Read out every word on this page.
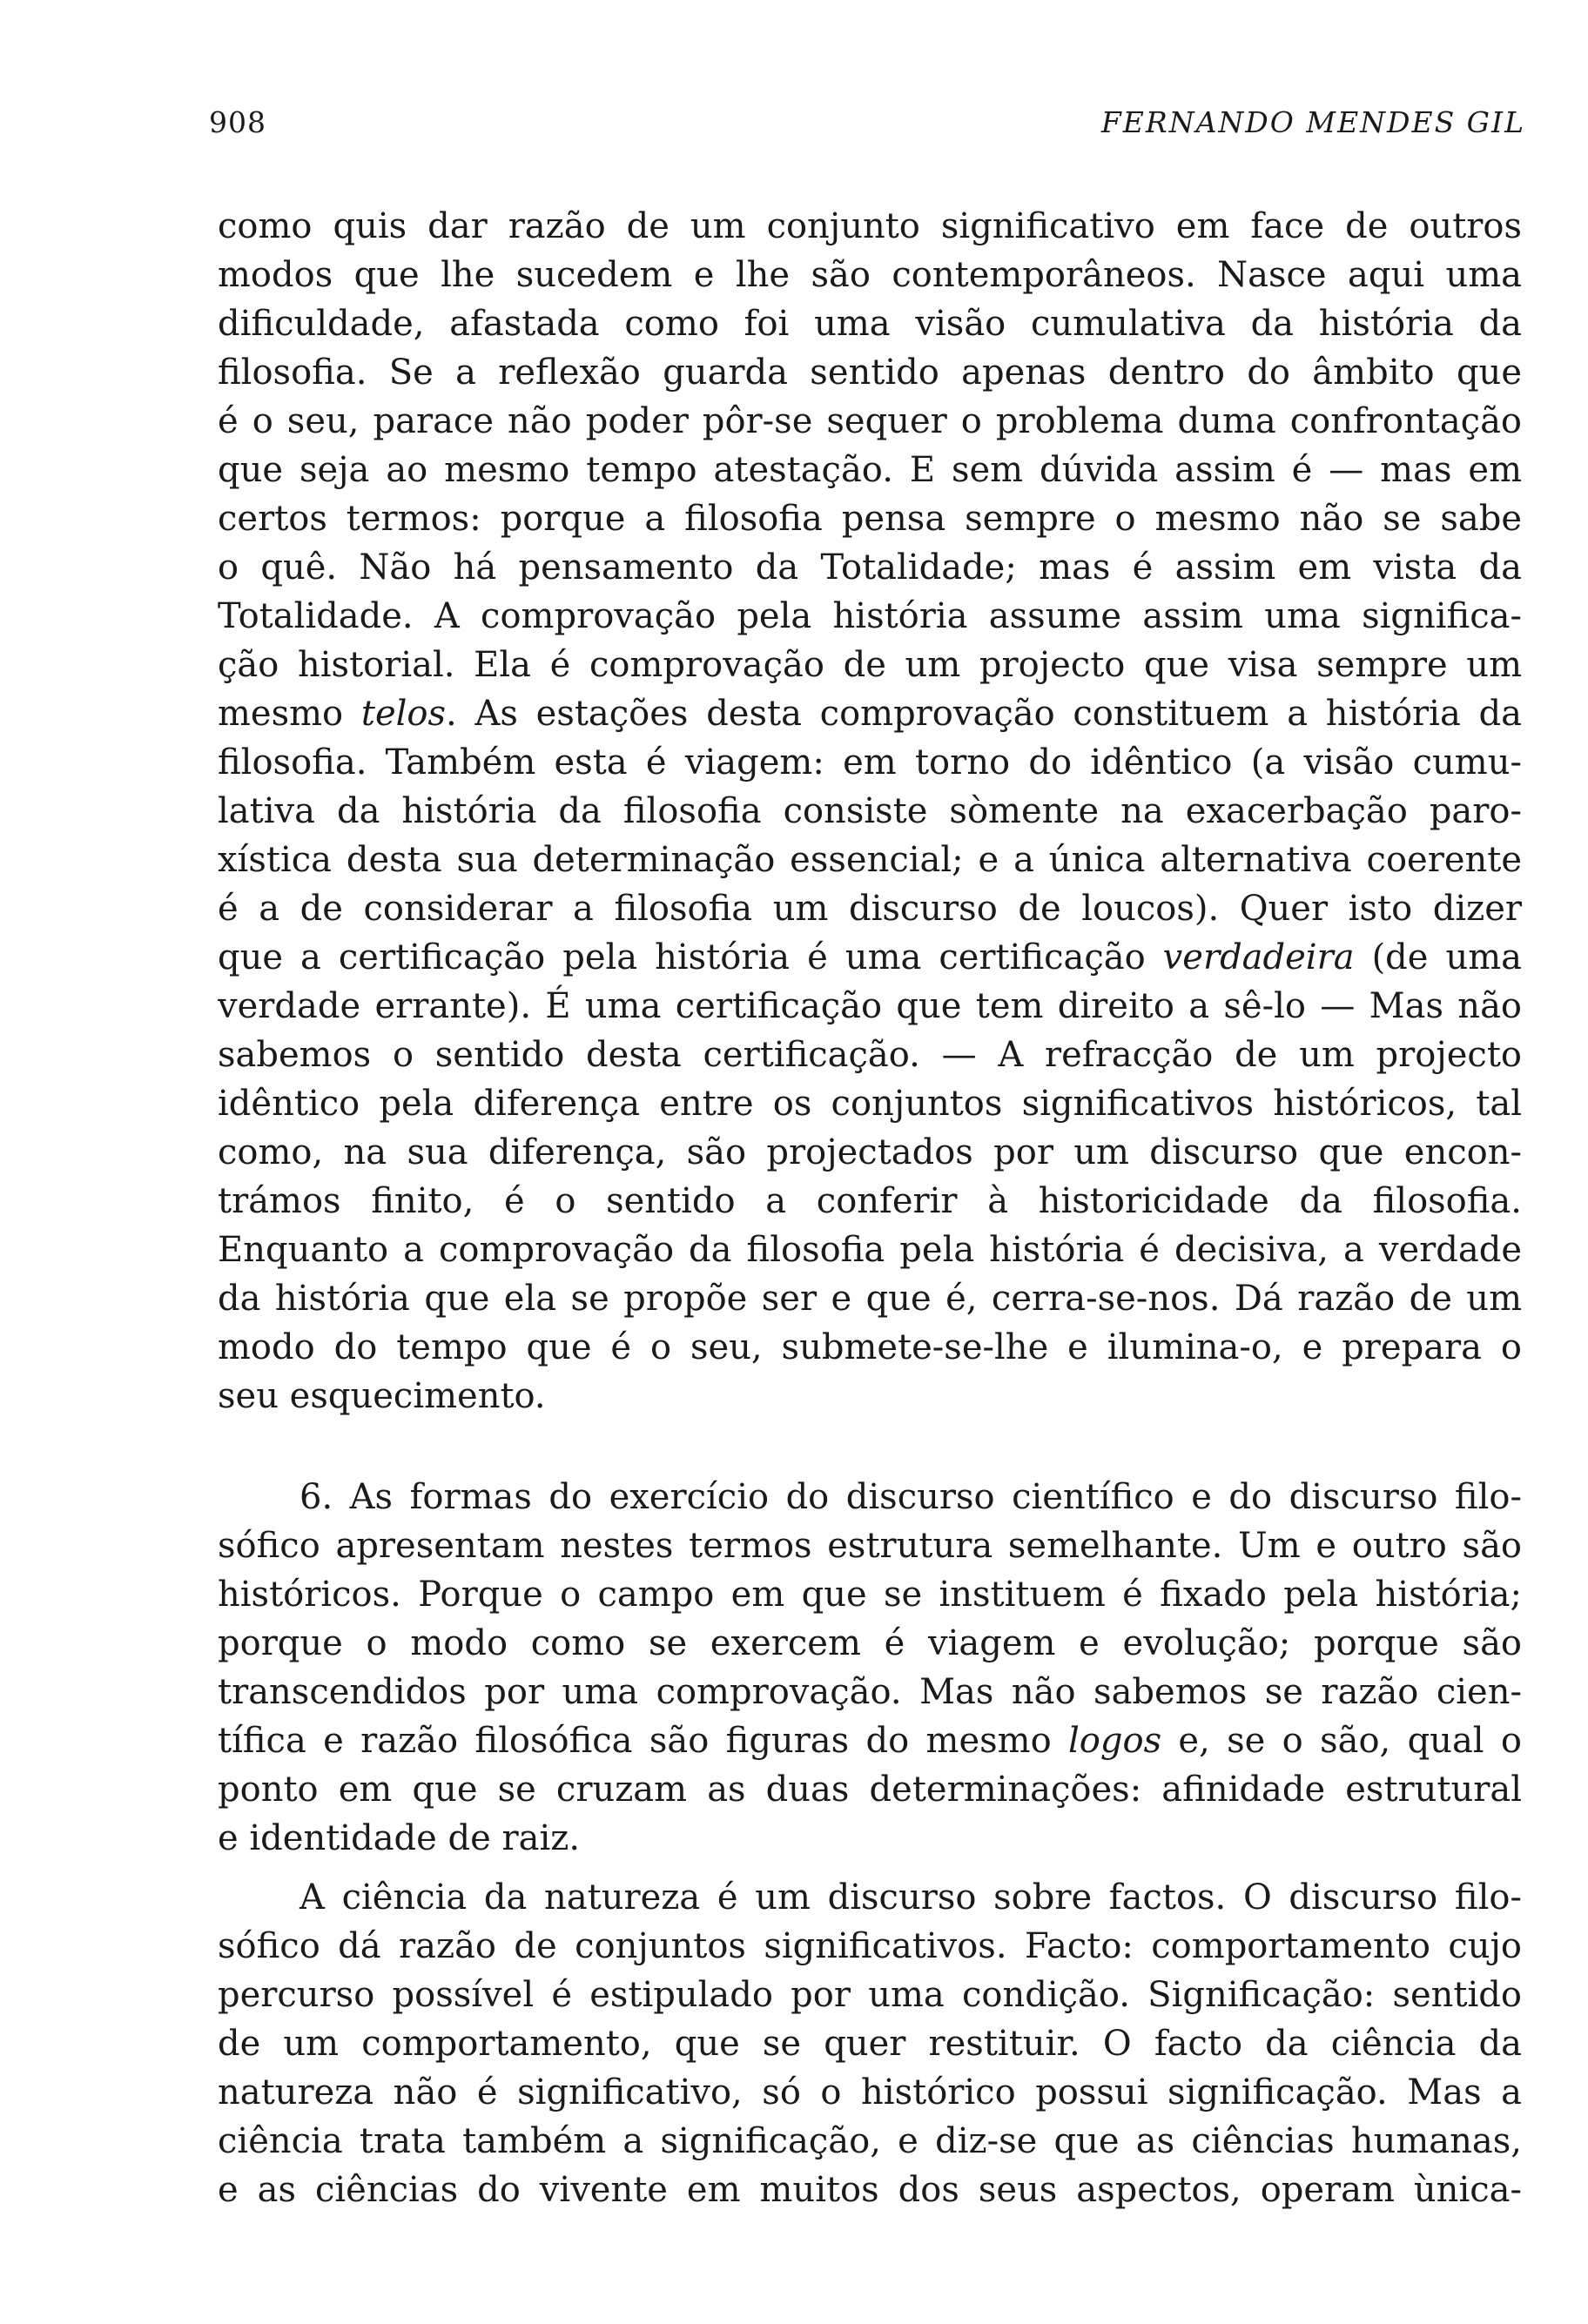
908	FERNANDO MENDES GIL
como quis dar razão de um conjunto significativo em face de outros
modos que lhe sucedem e lhe são contemporâneos. Nasce aqui uma
dificuldade, afastada como foi uma visão cumulativa da história da
filosofia. Se a reflexão guarda sentido apenas dentro do âmbito que
é o seu, parace não poder pôr-se sequer o problema duma confrontação
que seja ao mesmo tempo atestação. E sem dúvida assim é — mas em
certos termos: porque a filosofia pensa sempre o mesmo não se sabe
o quê. Não há pensamento da Totalidade; mas é assim em vista da
Totalidade. A comprovação pela história assume assim uma significa-
ção historial. Ela é comprovação de um projecto que visa sempre um
mesmo telos. As estações desta comprovação constituem a história da
filosofia. Também esta é viagem: em torno do idêntico (a visão cumu-
lativa da história da filosofia consiste sòmente na exacerbação paro-
xística desta sua determinação essencial; e a única alternativa coerente
é a de considerar a filosofia um discurso de loucos). Quer isto dizer
que a certificação pela história é uma certificação verdadeira (de uma
verdade errante). É uma certificação que tem direito a sê-lo — Mas não
sabemos o sentido desta certificação. — A refracção de um projecto
idêntico pela diferença entre os conjuntos significativos históricos, tal
como, na sua diferença, são projectados por um discurso que encon-
trámos finito, é o sentido a conferir à historicidade da filosofia.
Enquanto a comprovação da filosofia pela história é decisiva, a verdade
da história que ela se propõe ser e que é, cerra-se-nos. Dá razão de um
modo do tempo que é o seu, submete-se-lhe e ilumina-o, e prepara o
seu esquecimento.
6. As formas do exercício do discurso científico e do discurso filo-
sófico apresentam nestes termos estrutura semelhante. Um e outro são
históricos. Porque o campo em que se instituem é fixado pela história;
porque o modo como se exercem é viagem e evolução; porque são
transcendidos por uma comprovação. Mas não sabemos se razão cien-
tífica e razão filosófica são figuras do mesmo logos e, se o são, qual o
ponto em que se cruzam as duas determinações: afinidade estrutural
e identidade de raiz.
A ciência da natureza é um discurso sobre factos. O discurso filo-
sófico dá razão de conjuntos significativos. Facto: comportamento cujo
percurso possível é estipulado por uma condição. Significação: sentido
de um comportamento, que se quer restituir. O facto da ciência da
natureza não é significativo, só o histórico possui significação. Mas a
ciência trata também a significação, e diz-se que as ciências humanas,
e as ciências do vivente em muitos dos seus aspectos, operam ùnica-
